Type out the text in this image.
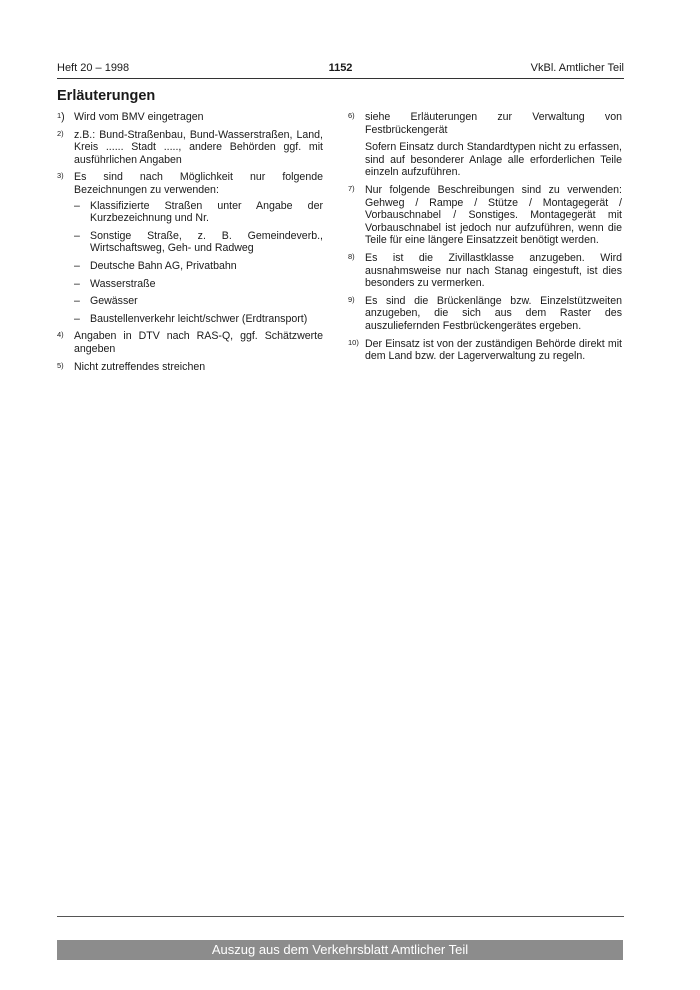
Heft 20 – 1998	1152	VkBl. Amtlicher Teil
Erläuterungen
$^1$) Wird vom BMV eingetragen

2) z.B.: Bund-Straßenbau, Bund-Wasserstraßen, Land, Kreis ...... Stadt ....., andere Behörden ggf. mit ausführlichen Angaben

3) Es sind nach Möglichkeit nur folgende Bezeichnungen zu verwenden:

– Klassifizierte Straßen unter Angabe der Kurzbezeichnung und Nr.
– Sonstige Straße, z. B. Gemeindeverb., Wirtschaftsweg, Geh- und Radweg
– Deutsche Bahn AG, Privatbahn
– Wasserstraße
– Gewässer
– Baustellenverkehr leicht/schwer (Erdtransport)
4) Angaben in DTV nach RAS-Q, ggf. Schätzwerte angeben

5) Nicht zutreffendes streichen

6) siehe Erläuterungen zur Verwaltung von Festbrückengerät

Sofern Einsatz durch Standardtypen nicht zu erfassen, sind auf besonderer Anlage alle erforderlichen Teile einzeln aufzuführen.

7) Nur folgende Beschreibungen sind zu verwenden: Gehweg / Rampe / Stütze / Montagegerät / Vorbauschnabel / Sonstiges. Montagegerät mit Vorbauschnabel ist jedoch nur aufzuführen, wenn die Teile für eine längere Einsatzzeit benötigt werden.

8) Es ist die Zivillastklasse anzugeben. Wird ausnahmsweise nur nach Stanag eingestuft, ist dies besonders zu vermerken.

9) Es sind die Brückenlänge bzw. Einzelstützweiten anzugeben, die sich aus dem Raster des auszuliefernden Festbrückengerätes ergeben.

10) Der Einsatz ist von der zuständigen Behörde direkt mit dem Land bzw. der Lagerverwaltung zu regeln.

Auszug aus dem Verkehrsblatt Amtlicher Teil
